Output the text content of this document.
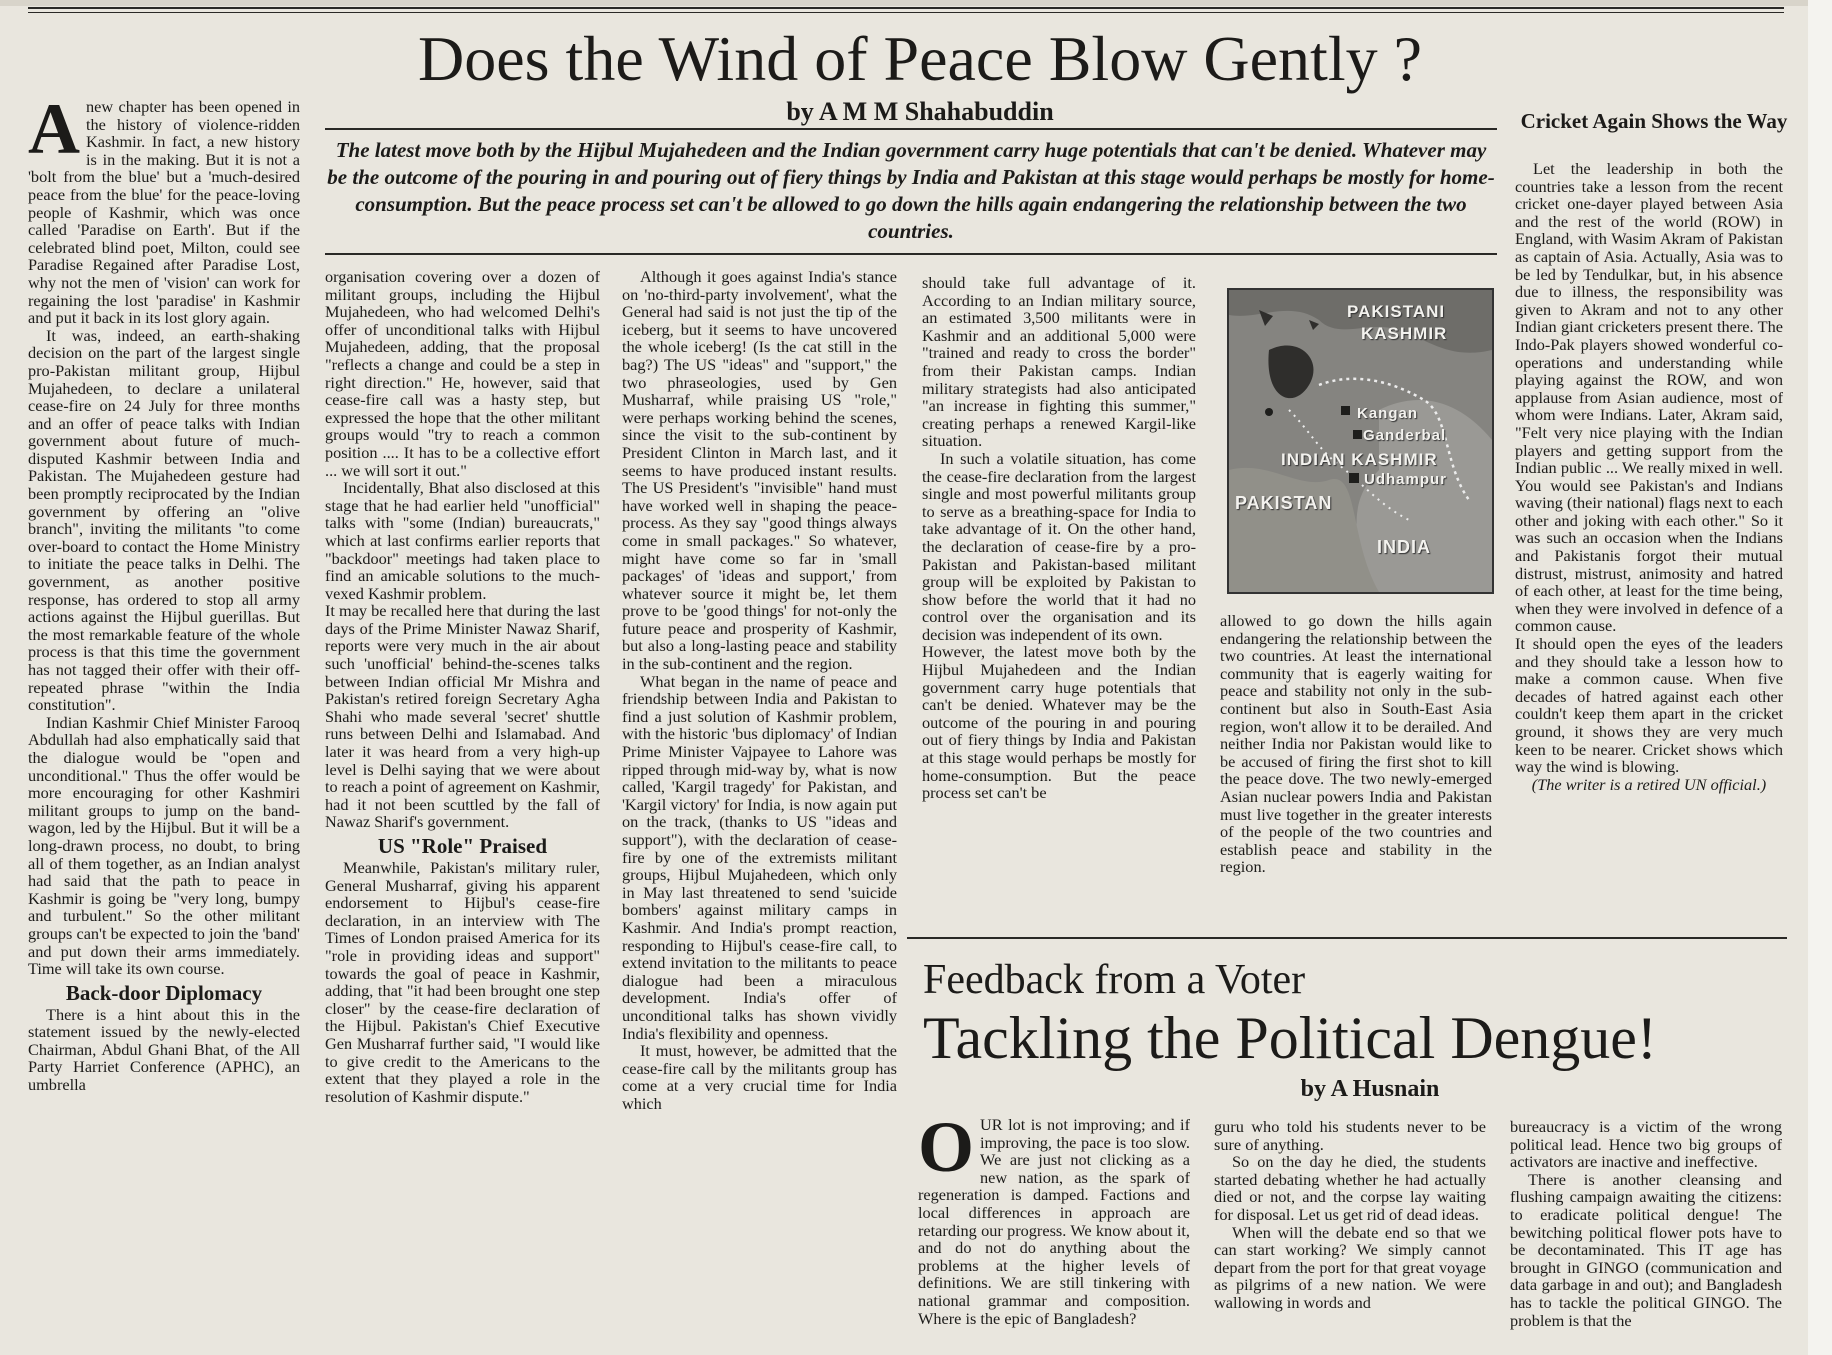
Does the Wind of Peace Blow Gently ?
by A M M Shahabuddin
The latest move both by the Hijbul Mujahedeen and the Indian government carry huge potentials that can't be denied. Whatever may be the outcome of the pouring in and pouring out of fiery things by India and Pakistan at this stage would perhaps be mostly for home-consumption. But the peace process set can't be allowed to go down the hills again endangering the relationship between the two countries.

Anew chapter has been opened in the history of violence-ridden Kashmir. In fact, a new history is in the making. But it is not a 'bolt from the blue' but a 'much-desired peace from the blue' for the peace-loving people of Kashmir, which was once called 'Paradise on Earth'. But if the celebrated blind poet, Milton, could see Paradise Regained after Paradise Lost, why not the men of 'vision' can work for regaining the lost 'paradise' in Kashmir and put it back in its lost glory again.

It was, indeed, an earth-shaking decision on the part of the largest single pro-Pakistan militant group, Hijbul Mujahedeen, to declare a unilateral cease-fire on 24 July for three months and an offer of peace talks with Indian government about future of much-disputed Kashmir between India and Pakistan. The Mujahedeen gesture had been promptly reciprocated by the Indian government by offering an "olive branch", inviting the militants "to come over-board to contact the Home Ministry to initiate the peace talks in Delhi. The government, as another positive response, has ordered to stop all army actions against the Hijbul guerillas. But the most remarkable feature of the whole process is that this time the government has not tagged their offer with their off-repeated phrase "within the India constitution".

Indian Kashmir Chief Minister Farooq Abdullah had also emphatically said that the dialogue would be "open and unconditional." Thus the offer would be more encouraging for other Kashmiri militant groups to jump on the band-wagon, led by the Hijbul. But it will be a long-drawn process, no doubt, to bring all of them together, as an Indian analyst had said that the path to peace in Kashmir is going be "very long, bumpy and turbulent." So the other militant groups can't be expected to join the 'band' and put down their arms immediately. Time will take its own course.

Back-door Diplomacy

There is a hint about this in the statement issued by the newly-elected Chairman, Abdul Ghani Bhat, of the All Party Harriet Conference (APHC), an umbrella

organisation covering over a dozen of militant groups, including the Hijbul Mujahedeen, who had welcomed Delhi's offer of unconditional talks with Hijbul Mujahedeen, adding, that the proposal "reflects a change and could be a step in right direction." He, however, said that cease-fire call was a hasty step, but expressed the hope that the other militant groups would "try to reach a common position .... It has to be a collective effort ... we will sort it out."

Incidentally, Bhat also disclosed at this stage that he had earlier held "unofficial" talks with "some (Indian) bureaucrats," which at last confirms earlier reports that "backdoor" meetings had taken place to find an amicable solutions to the much-vexed Kashmir problem.

It may be recalled here that during the last days of the Prime Minister Nawaz Sharif, reports were very much in the air about such 'unofficial' behind-the-scenes talks between Indian official Mr Mishra and Pakistan's retired foreign Secretary Agha Shahi who made several 'secret' shuttle runs between Delhi and Islamabad. And later it was heard from a very high-up level is Delhi saying that we were about to reach a point of agreement on Kashmir, had it not been scuttled by the fall of Nawaz Sharif's government.

US "Role" Praised

Meanwhile, Pakistan's military ruler, General Musharraf, giving his apparent endorsement to Hijbul's cease-fire declaration, in an interview with The Times of London praised America for its "role in providing ideas and support" towards the goal of peace in Kashmir, adding, that "it had been brought one step closer" by the cease-fire declaration of the Hijbul. Pakistan's Chief Executive Gen Musharraf further said, "I would like to give credit to the Americans to the extent that they played a role in the resolution of Kashmir dispute."

Although it goes against India's stance on 'no-third-party involvement', what the General had said is not just the tip of the iceberg, but it seems to have uncovered the whole iceberg! (Is the cat still in the bag?) The US "ideas" and "support," the two phraseologies, used by Gen Musharraf, while praising US "role," were perhaps working behind the scenes, since the visit to the sub-continent by President Clinton in March last, and it seems to have produced instant results. The US President's "invisible" hand must have worked well in shaping the peace-process. As they say "good things always come in small packages." So whatever, might have come so far in 'small packages' of 'ideas and support,' from whatever source it might be, let them prove to be 'good things' for not-only the future peace and prosperity of Kashmir, but also a long-lasting peace and stability in the sub-continent and the region.

What began in the name of peace and friendship between India and Pakistan to find a just solution of Kashmir problem, with the historic 'bus diplomacy' of Indian Prime Minister Vajpayee to Lahore was ripped through mid-way by, what is now called, 'Kargil tragedy' for Pakistan, and 'Kargil victory' for India, is now again put on the track, (thanks to US "ideas and support"), with the declaration of cease-fire by one of the extremists militant groups, Hijbul Mujahedeen, which only in May last threatened to send 'suicide bombers' against military camps in Kashmir. And India's prompt reaction, responding to Hijbul's cease-fire call, to extend invitation to the militants to peace dialogue had been a miraculous development. India's offer of unconditional talks has shown vividly India's flexibility and openness.

It must, however, be admitted that the cease-fire call by the militants group has come at a very crucial time for India which

should take full advantage of it. According to an Indian military source, an estimated 3,500 militants were in Kashmir and an additional 5,000 were "trained and ready to cross the border" from their Pakistan camps. Indian military strategists had also anticipated "an increase in fighting this summer," creating perhaps a renewed Kargil-like situation.

In such a volatile situation, has come the cease-fire declaration from the largest single and most powerful militants group to serve as a breathing-space for India to take advantage of it. On the other hand, the declaration of cease-fire by a pro-Pakistan and Pakistan-based militant group will be exploited by Pakistan to show before the world that it had no control over the organisation and its decision was independent of its own.

However, the latest move both by the Hijbul Mujahedeen and the Indian government carry huge potentials that can't be denied. Whatever may be the outcome of the pouring in and pouring out of fiery things by India and Pakistan at this stage would perhaps be mostly for home-consumption. But the peace process set can't be

PAKISTANI
KASHMIR
Kangan
Ganderbal
INDIAN KASHMIR
Udhampur
PAKISTAN
INDIA

allowed to go down the hills again endangering the relationship between the two countries. At least the international community that is eagerly waiting for peace and stability not only in the sub-continent but also in South-East Asia region, won't allow it to be derailed. And neither India nor Pakistan would like to be accused of firing the first shot to kill the peace dove. The two newly-emerged Asian nuclear powers India and Pakistan must live together in the greater interests of the people of the two countries and establish peace and stability in the region.

Cricket Again Shows the Way

Let the leadership in both the countries take a lesson from the recent cricket one-dayer played between Asia and the rest of the world (ROW) in England, with Wasim Akram of Pakistan as captain of Asia. Actually, Asia was to be led by Tendulkar, but, in his absence due to illness, the responsibility was given to Akram and not to any other Indian giant cricketers present there. The Indo-Pak players showed wonderful co-operations and understanding while playing against the ROW, and won applause from Asian audience, most of whom were Indians. Later, Akram said, "Felt very nice playing with the Indian players and getting support from the Indian public ... We really mixed in well. You would see Pakistan's and Indians waving (their national) flags next to each other and joking with each other." So it was such an occasion when the Indians and Pakistanis forgot their mutual distrust, mistrust, animosity and hatred of each other, at least for the time being, when they were involved in defence of a common cause.

It should open the eyes of the leaders and they should take a lesson how to make a common cause. When five decades of hatred against each other couldn't keep them apart in the cricket ground, it shows they are very much keen to be nearer. Cricket shows which way the wind is blowing.

(The writer is a retired UN official.)

Feedback from a Voter
Tackling the Political Dengue!
by A Husnain

OUR lot is not improving; and if improving, the pace is too slow. We are just not clicking as a new nation, as the spark of regeneration is damped. Factions and local differences in approach are retarding our progress. We know about it, and do not do anything about the problems at the higher levels of definitions. We are still tinkering with national grammar and composition. Where is the epic of Bangladesh?

guru who told his students never to be sure of anything.

So on the day he died, the students started debating whether he had actually died or not, and the corpse lay waiting for disposal. Let us get rid of dead ideas.

When will the debate end so that we can start working? We simply cannot depart from the port for that great voyage as pilgrims of a new nation. We were wallowing in words and

bureaucracy is a victim of the wrong political lead. Hence two big groups of activators are inactive and ineffective.

There is another cleansing and flushing campaign awaiting the citizens: to eradicate political dengue! The bewitching political flower pots have to be decontaminated. This IT age has brought in GINGO (communication and data garbage in and out); and Bangladesh has to tackle the political GINGO. The problem is that the
